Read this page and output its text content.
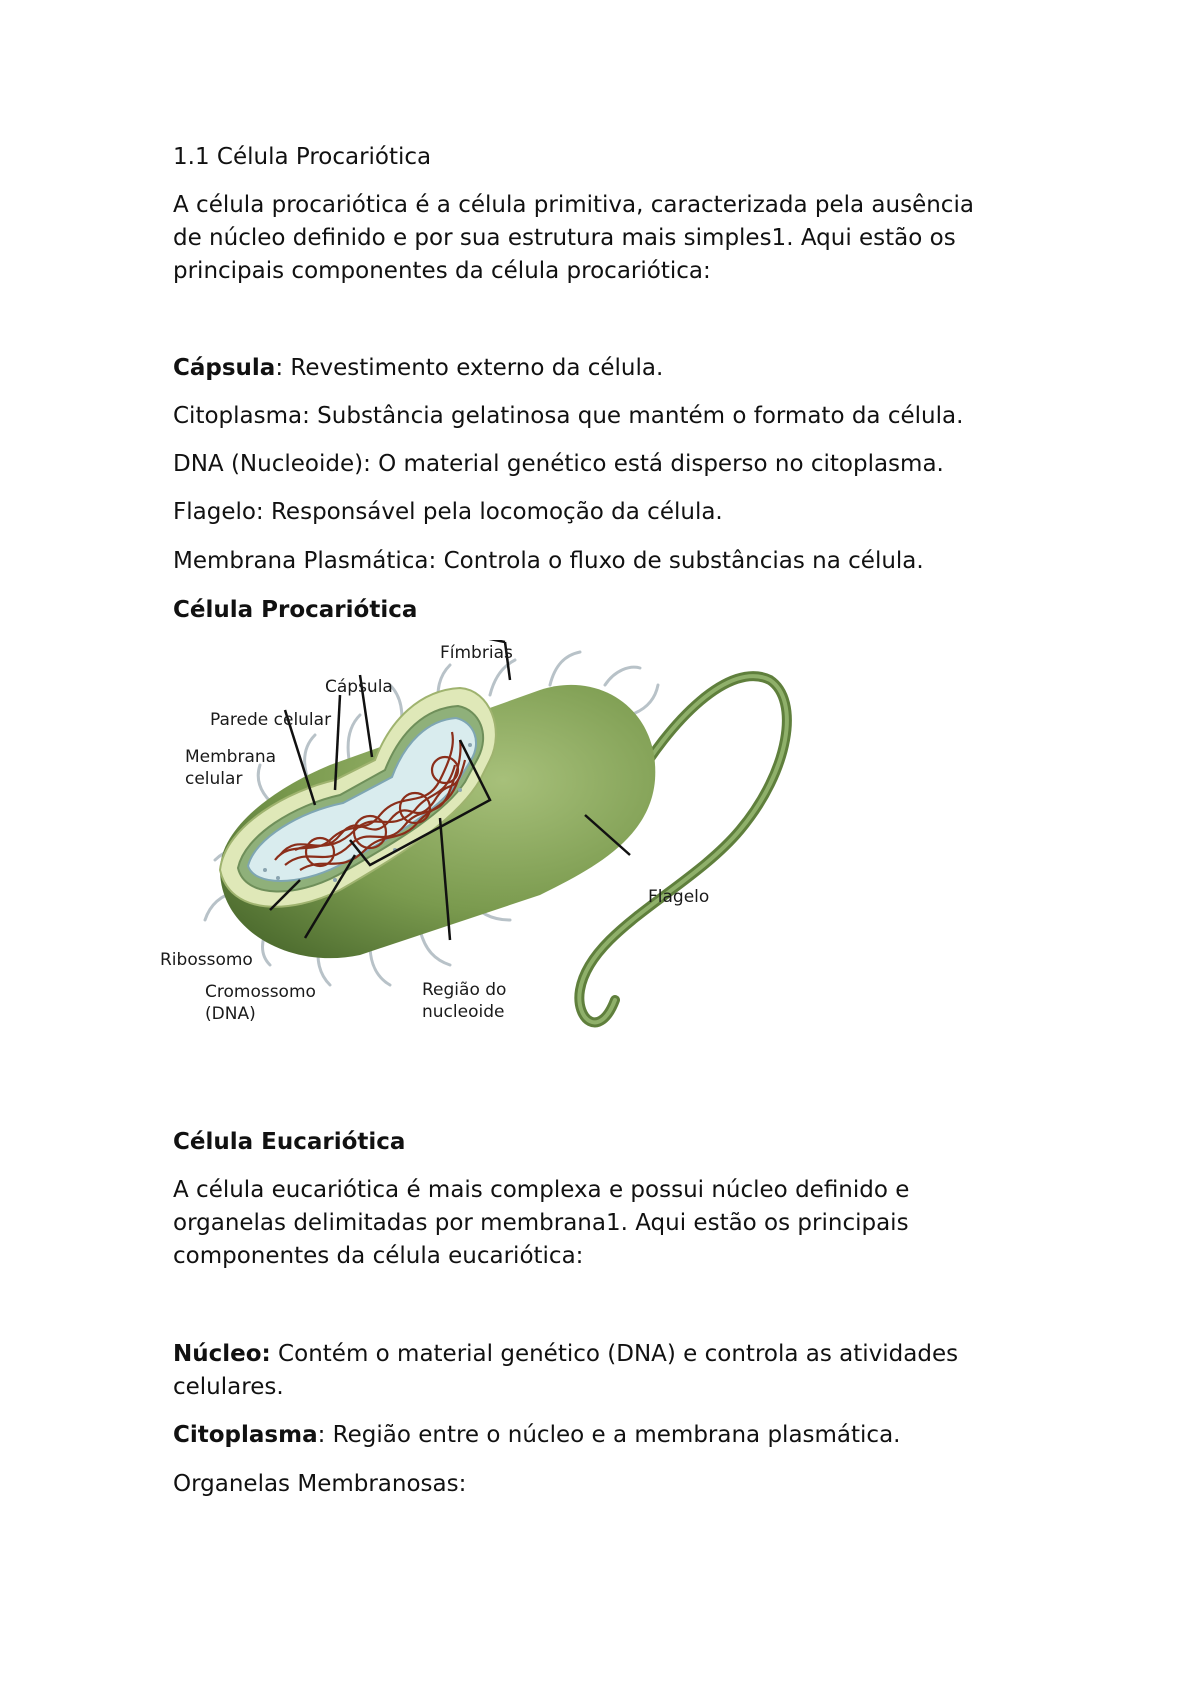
1.1 Célula Procariótica

A célula procariótica é a célula primitiva, caracterizada pela ausência

de núcleo definido e por sua estrutura mais simples1. Aqui estão os

principais componentes da célula procariótica:

Cápsula: Revestimento externo da célula.

Citoplasma: Substância gelatinosa que mantém o formato da célula.

DNA (Nucleoide): O material genético está disperso no citoplasma.

Flagelo: Responsável pela locomoção da célula.

Membrana Plasmática: Controla o fluxo de substâncias na célula.

Célula Procariótica

Fímbrias
Cápsula
Parede celular
Membrana
celular
Flagelo
Ribossomo
Cromossomo
(DNA)
Região do
nucleoide

Célula Eucariótica

A célula eucariótica é mais complexa e possui núcleo definido e

organelas delimitadas por membrana1. Aqui estão os principais

componentes da célula eucariótica:

Núcleo: Contém o material genético (DNA) e controla as atividades

celulares.

Citoplasma: Região entre o núcleo e a membrana plasmática.

Organelas Membranosas:
